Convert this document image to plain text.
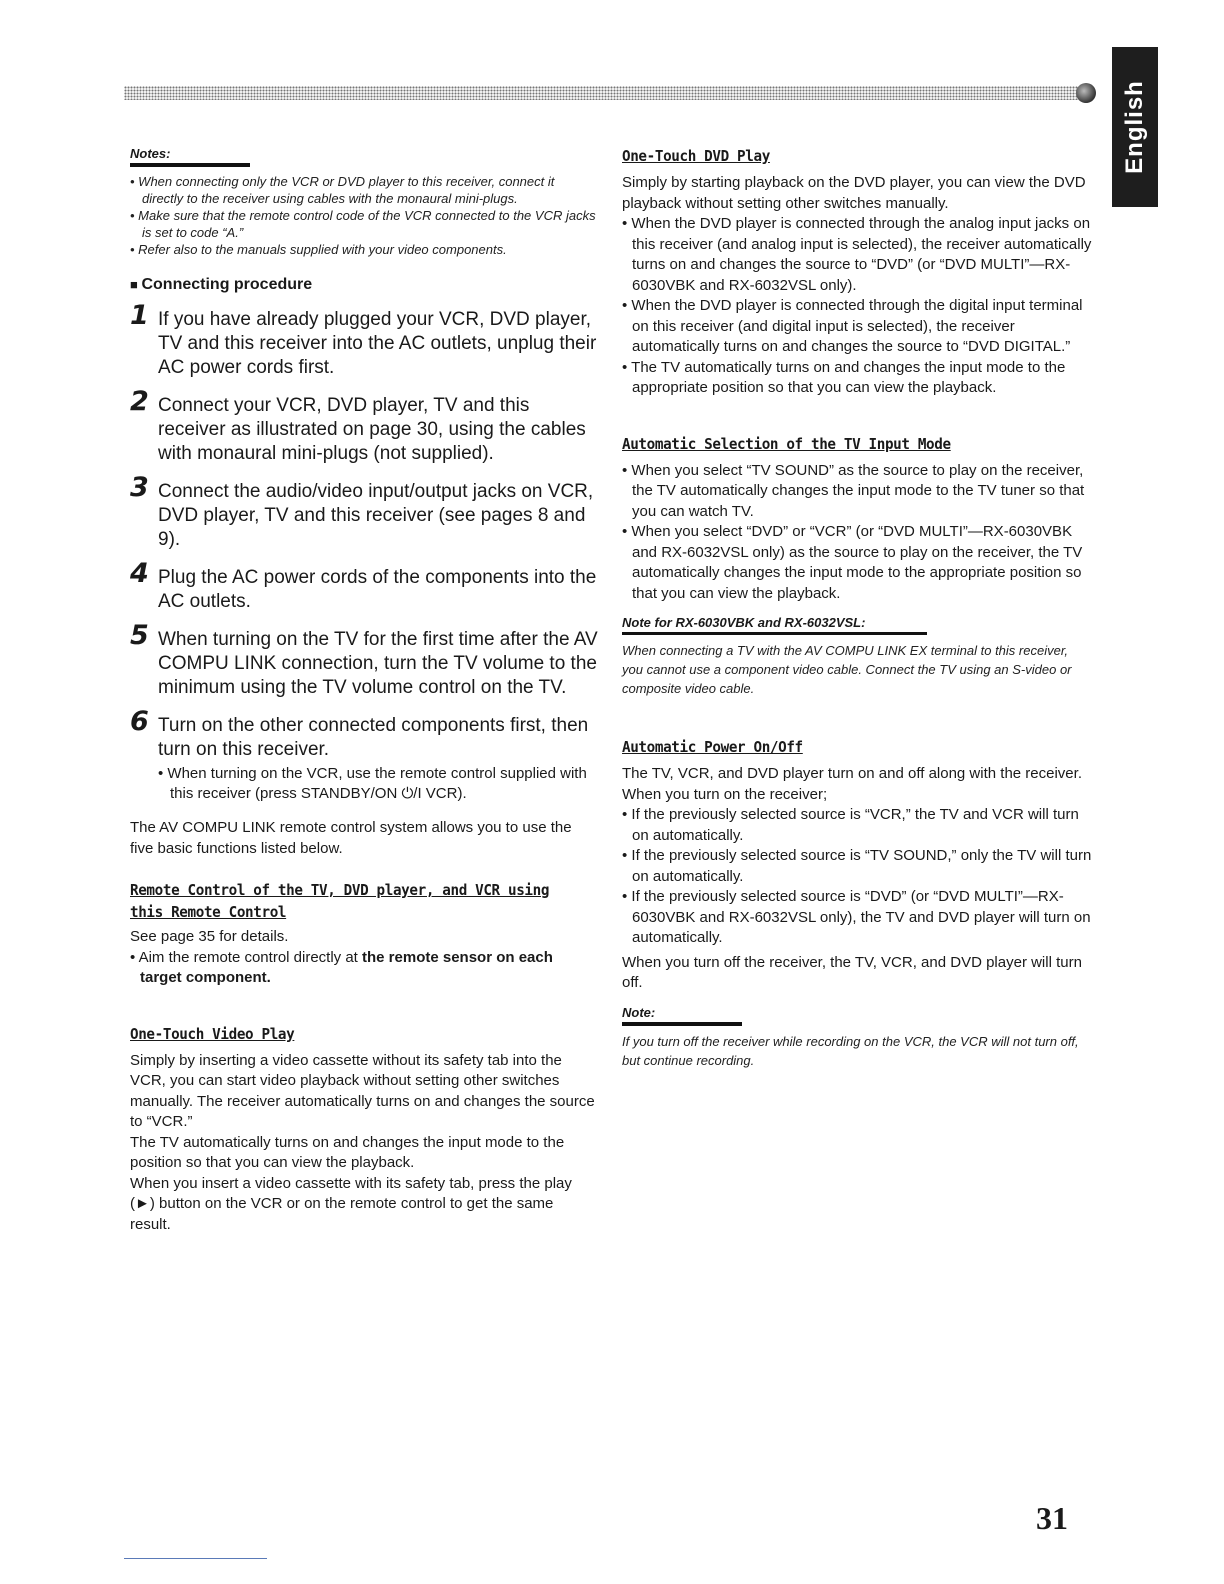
English
Notes:
• When connecting only the VCR or DVD player to this receiver, connect it directly to the receiver using cables with the monaural mini-plugs.
• Make sure that the remote control code of the VCR connected to the VCR jacks is set to code “A.”
• Refer also to the manuals supplied with your video components.
■ Connecting procedure
1 If you have already plugged your VCR, DVD player, TV and this receiver into the AC outlets, unplug their AC power cords first.
2 Connect your VCR, DVD player, TV and this receiver as illustrated on page 30, using the cables with monaural mini-plugs (not supplied).
3 Connect the audio/video input/output jacks on VCR, DVD player, TV and this receiver (see pages 8 and 9).
4 Plug the AC power cords of the components into the AC outlets.
5 When turning on the TV for the first time after the AV COMPU LINK connection, turn the TV volume to the minimum using the TV volume control on the TV.
6 Turn on the other connected components first, then turn on this receiver.
• When turning on the VCR, use the remote control supplied with this receiver (press STANDBY/ON ⏻/I VCR).

The AV COMPU LINK remote control system allows you to use the five basic functions listed below.

Remote Control of the TV, DVD player, and VCR using this Remote Control

See page 35 for details.

• Aim the remote control directly at the remote sensor on each target component.
One-Touch Video Play

Simply by inserting a video cassette without its safety tab into the VCR, you can start video playback without setting other switches manually. The receiver automatically turns on and changes the source to “VCR.”

The TV automatically turns on and changes the input mode to the position so that you can view the playback.

When you insert a video cassette with its safety tab, press the play (►) button on the VCR or on the remote control to get the same result.

One-Touch DVD Play

Simply by starting playback on the DVD player, you can view the DVD playback without setting other switches manually.

• When the DVD player is connected through the analog input jacks on this receiver (and analog input is selected), the receiver automatically turns on and changes the source to “DVD” (or “DVD MULTI”—RX-6030VBK and RX-6032VSL only).
• When the DVD player is connected through the digital input terminal on this receiver (and digital input is selected), the receiver automatically turns on and changes the source to “DVD DIGITAL.”
• The TV automatically turns on and changes the input mode to the appropriate position so that you can view the playback.
Automatic Selection of the TV Input Mode
• When you select “TV SOUND” as the source to play on the receiver, the TV automatically changes the input mode to the TV tuner so that you can watch TV.
• When you select “DVD” or “VCR” (or “DVD MULTI”—RX-6030VBK and RX-6032VSL only) as the source to play on the receiver, the TV automatically changes the input mode to the appropriate position so that you can view the playback.
Note for RX-6030VBK and RX-6032VSL:

When connecting a TV with the AV COMPU LINK EX terminal to this receiver, you cannot use a component video cable. Connect the TV using an S-video or composite video cable.

Automatic Power On/Off

The TV, VCR, and DVD player turn on and off along with the receiver.

When you turn on the receiver;

• If the previously selected source is “VCR,” the TV and VCR will turn on automatically.
• If the previously selected source is “TV SOUND,” only the TV will turn on automatically.
• If the previously selected source is “DVD” (or “DVD MULTI”—RX-6030VBK and RX-6032VSL only), the TV and DVD player will turn on automatically.

When you turn off the receiver, the TV, VCR, and DVD player will turn off.

Note:

If you turn off the receiver while recording on the VCR, the VCR will not turn off, but continue recording.

31
